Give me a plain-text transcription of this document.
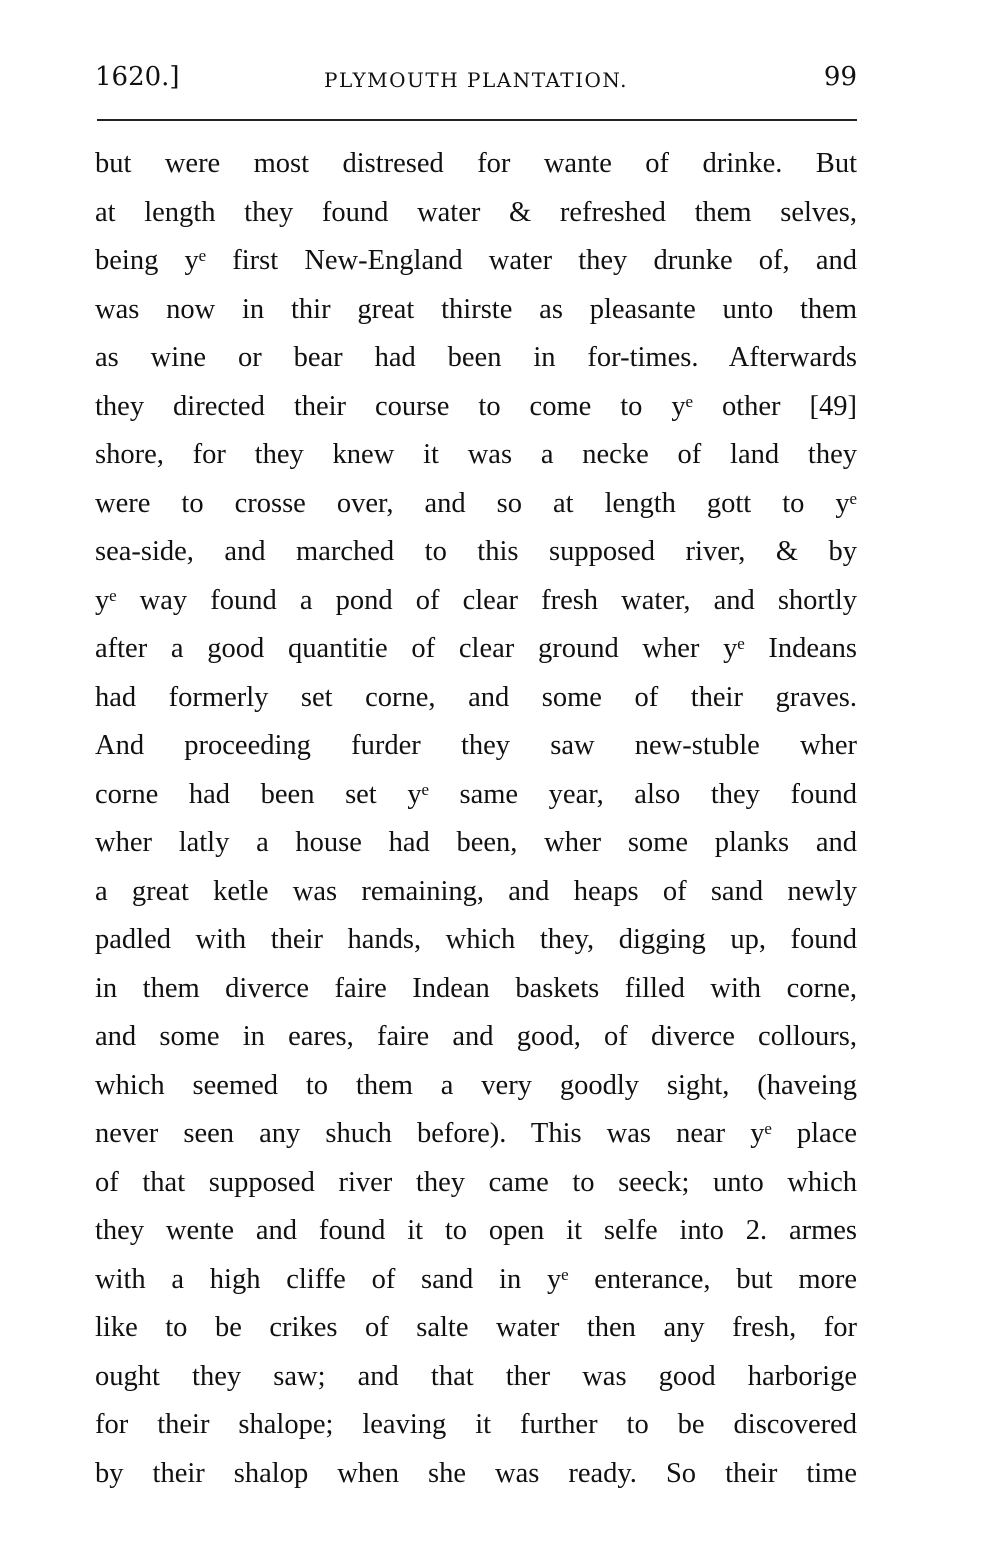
1620.]	PLYMOUTH PLANTATION.	99
but were most distresed for wante of drinke. But
at length they found water & refreshed them selves,
being yᵉ first New-England water they drunke of, and
was now in thir great thirste as pleasante unto them
as wine or bear had been in for-times. Afterwards
they directed their course to come to yᵉ other [49]
shore, for they knew it was a necke of land they
were to crosse over, and so at length gott to yᵉ
sea-side, and marched to this supposed river, & by
yᵉ way found a pond of clear fresh water, and shortly
after a good quantitie of clear ground wher yᵉ Indeans
had formerly set corne, and some of their graves.
And proceeding furder they saw new-stuble wher
corne had been set yᵉ same year, also they found
wher latly a house had been, wher some planks and
a great ketle was remaining, and heaps of sand newly
padled with their hands, which they, digging up, found
in them diverce faire Indean baskets filled with corne,
and some in eares, faire and good, of diverce collours,
which seemed to them a very goodly sight, (haveing
never seen any shuch before). This was near yᵉ place
of that supposed river they came to seeck; unto which
they wente and found it to open it selfe into 2. armes
with a high cliffe of sand in yᵉ enterance, but more
like to be crikes of salte water then any fresh, for
ought they saw; and that ther was good harborige
for their shalope; leaving it further to be discovered
by their shalop when she was ready. So their time
